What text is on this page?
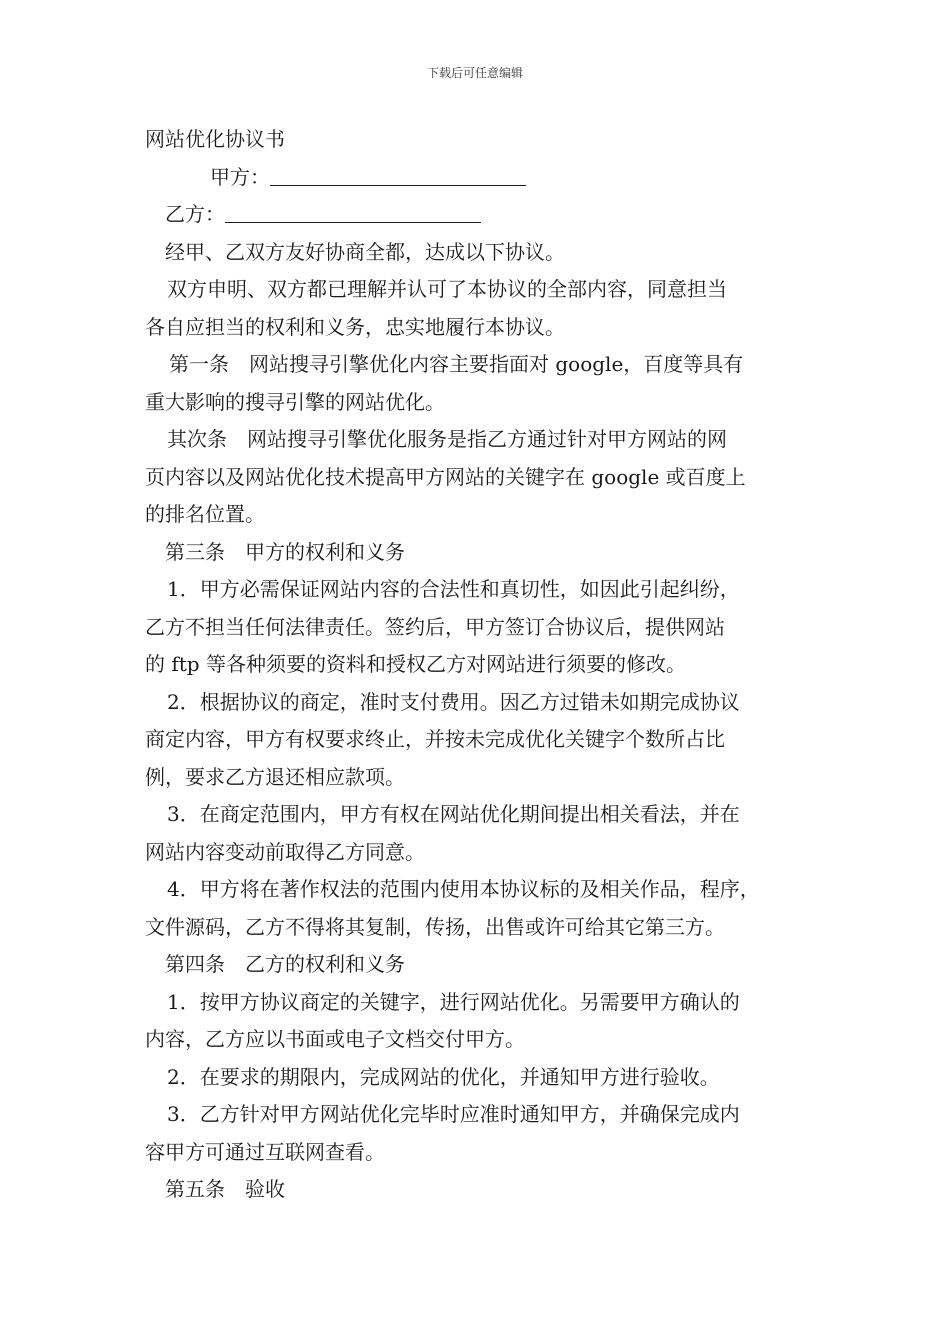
下载后可任意编辑

网站优化协议书

甲方：

乙方：

经甲、乙双方友好协商全都，达成以下协议。

双方申明、双方都已理解并认可了本协议的全部内容，同意担当

各自应担当的权利和义务，忠实地履行本协议。

第一条　网站搜寻引擎优化内容主要指面对 google，百度等具有

重大影响的搜寻引擎的网站优化。

其次条　网站搜寻引擎优化服务是指乙方通过针对甲方网站的网

页内容以及网站优化技术提高甲方网站的关键字在 google 或百度上

的排名位置。

第三条　甲方的权利和义务

1．甲方必需保证网站内容的合法性和真切性，如因此引起纠纷，

乙方不担当任何法律责任。签约后，甲方签订合协议后，提供网站

的 ftp 等各种须要的资料和授权乙方对网站进行须要的修改。

2．根据协议的商定，准时支付费用。因乙方过错未如期完成协议

商定内容，甲方有权要求终止，并按未完成优化关键字个数所占比

例，要求乙方退还相应款项。

3．在商定范围内，甲方有权在网站优化期间提出相关看法，并在

网站内容变动前取得乙方同意。

4．甲方将在著作权法的范围内使用本协议标的及相关作品，程序，

文件源码，乙方不得将其复制，传扬，出售或许可给其它第三方。

第四条　乙方的权利和义务

1．按甲方协议商定的关键字，进行网站优化。另需要甲方确认的

内容，乙方应以书面或电子文档交付甲方。

2．在要求的期限内，完成网站的优化，并通知甲方进行验收。

3．乙方针对甲方网站优化完毕时应准时通知甲方，并确保完成内

容甲方可通过互联网查看。

第五条　验收
